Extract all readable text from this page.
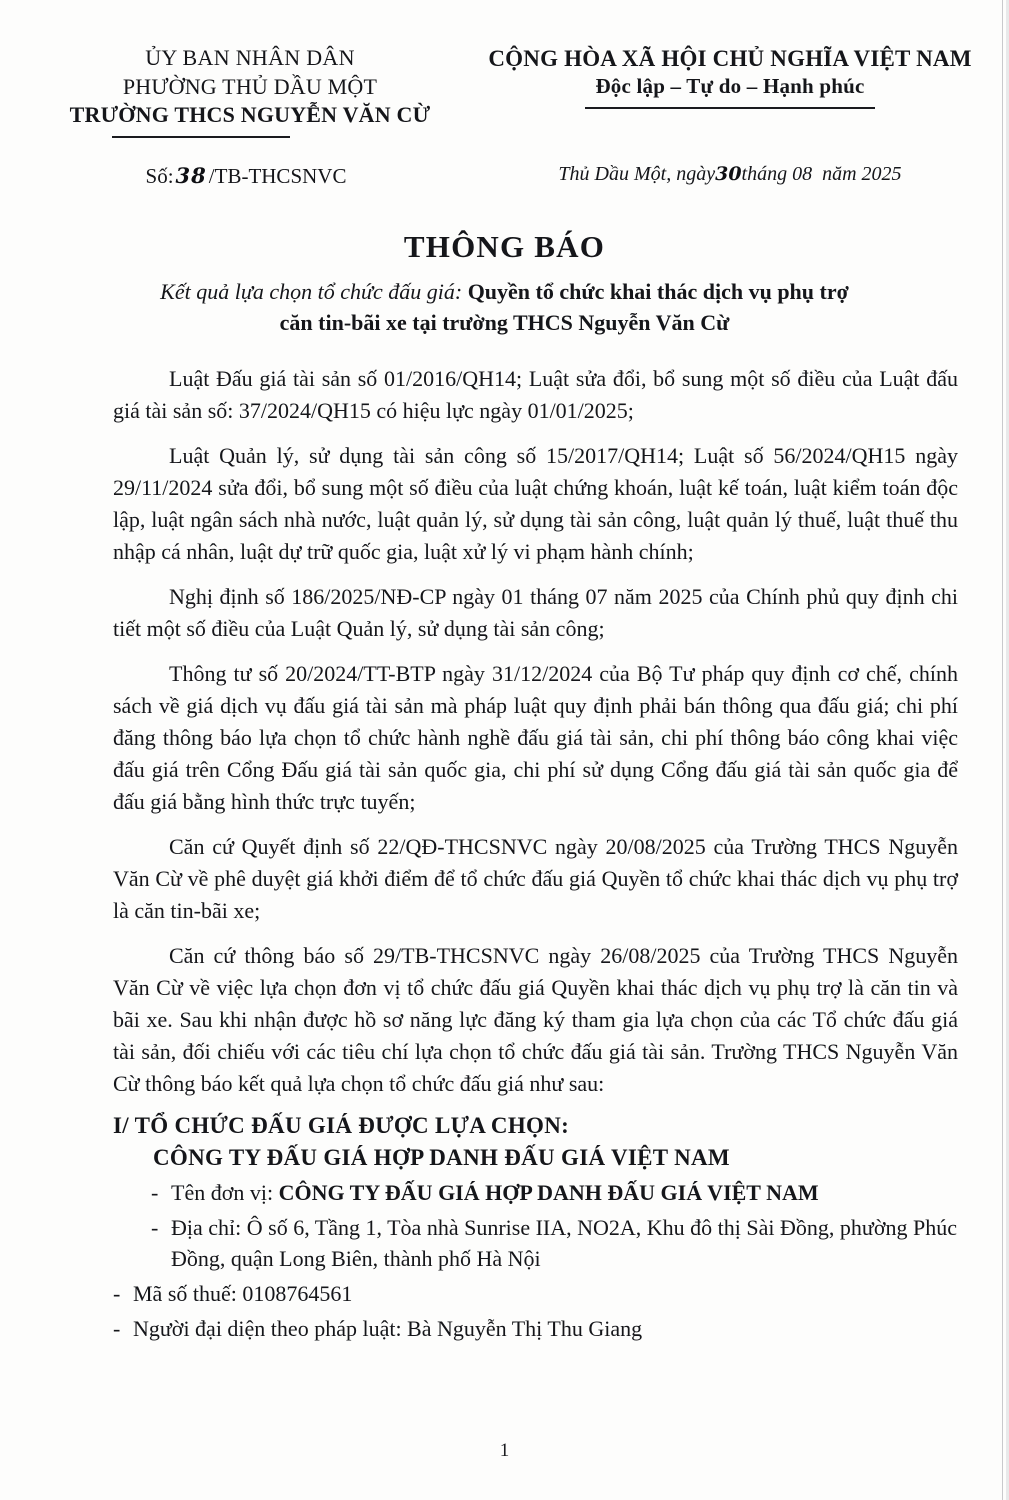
ỦY BAN NHÂN DÂN
PHƯỜNG THỦ DẦU MỘT
TRƯỜNG THCS NGUYỄN VĂN CỪ
CỘNG HÒA XÃ HỘI CHỦ NGHĨA VIỆT NAM
Độc lập – Tự do – Hạnh phúc
Số:38/TB-THCSNVC	Thủ Dầu Một, ngày30tháng 08 năm 2025
THÔNG BÁO
Kết quả lựa chọn tổ chức đấu giá: Quyền tổ chức khai thác dịch vụ phụ trợ
căn tin-bãi xe tại trường THCS Nguyễn Văn Cừ

Luật Đấu giá tài sản số 01/2016/QH14; Luật sửa đổi, bổ sung một số điều của Luật đấu giá tài sản số: 37/2024/QH15 có hiệu lực ngày 01/01/2025;

Luật Quản lý, sử dụng tài sản công số 15/2017/QH14; Luật số 56/2024/QH15 ngày 29/11/2024 sửa đổi, bổ sung một số điều của luật chứng khoán, luật kế toán, luật kiểm toán độc lập, luật ngân sách nhà nước, luật quản lý, sử dụng tài sản công, luật quản lý thuế, luật thuế thu nhập cá nhân, luật dự trữ quốc gia, luật xử lý vi phạm hành chính;

Nghị định số 186/2025/NĐ-CP ngày 01 tháng 07 năm 2025 của Chính phủ quy định chi tiết một số điều của Luật Quản lý, sử dụng tài sản công;

Thông tư số 20/2024/TT-BTP ngày 31/12/2024 của Bộ Tư pháp quy định cơ chế, chính sách về giá dịch vụ đấu giá tài sản mà pháp luật quy định phải bán thông qua đấu giá; chi phí đăng thông báo lựa chọn tổ chức hành nghề đấu giá tài sản, chi phí thông báo công khai việc đấu giá trên Cổng Đấu giá tài sản quốc gia, chi phí sử dụng Cổng đấu giá tài sản quốc gia để đấu giá bằng hình thức trực tuyến;

Căn cứ Quyết định số 22/QĐ-THCSNVC ngày 20/08/2025 của Trường THCS Nguyễn Văn Cừ về phê duyệt giá khởi điểm để tổ chức đấu giá Quyền tổ chức khai thác dịch vụ phụ trợ là căn tin-bãi xe;

Căn cứ thông báo số 29/TB-THCSNVC ngày 26/08/2025 của Trường THCS Nguyễn Văn Cừ về việc lựa chọn đơn vị tổ chức đấu giá Quyền khai thác dịch vụ phụ trợ là căn tin và bãi xe. Sau khi nhận được hồ sơ năng lực đăng ký tham gia lựa chọn của các Tổ chức đấu giá tài sản, đối chiếu với các tiêu chí lựa chọn tổ chức đấu giá tài sản. Trường THCS Nguyễn Văn Cừ thông báo kết quả lựa chọn tổ chức đấu giá như sau:

I/ TỔ CHỨC ĐẤU GIÁ ĐƯỢC LỰA CHỌN:
CÔNG TY ĐẤU GIÁ HỢP DANH ĐẤU GIÁ VIỆT NAM
- Tên đơn vị: CÔNG TY ĐẤU GIÁ HỢP DANH ĐẤU GIÁ VIỆT NAM
- Địa chỉ: Ô số 6, Tầng 1, Tòa nhà Sunrise IIA, NO2A, Khu đô thị Sài Đồng, phường Phúc Đồng, quận Long Biên, thành phố Hà Nội
- Mã số thuế: 0108764561
- Người đại diện theo pháp luật: Bà Nguyễn Thị Thu Giang
1
